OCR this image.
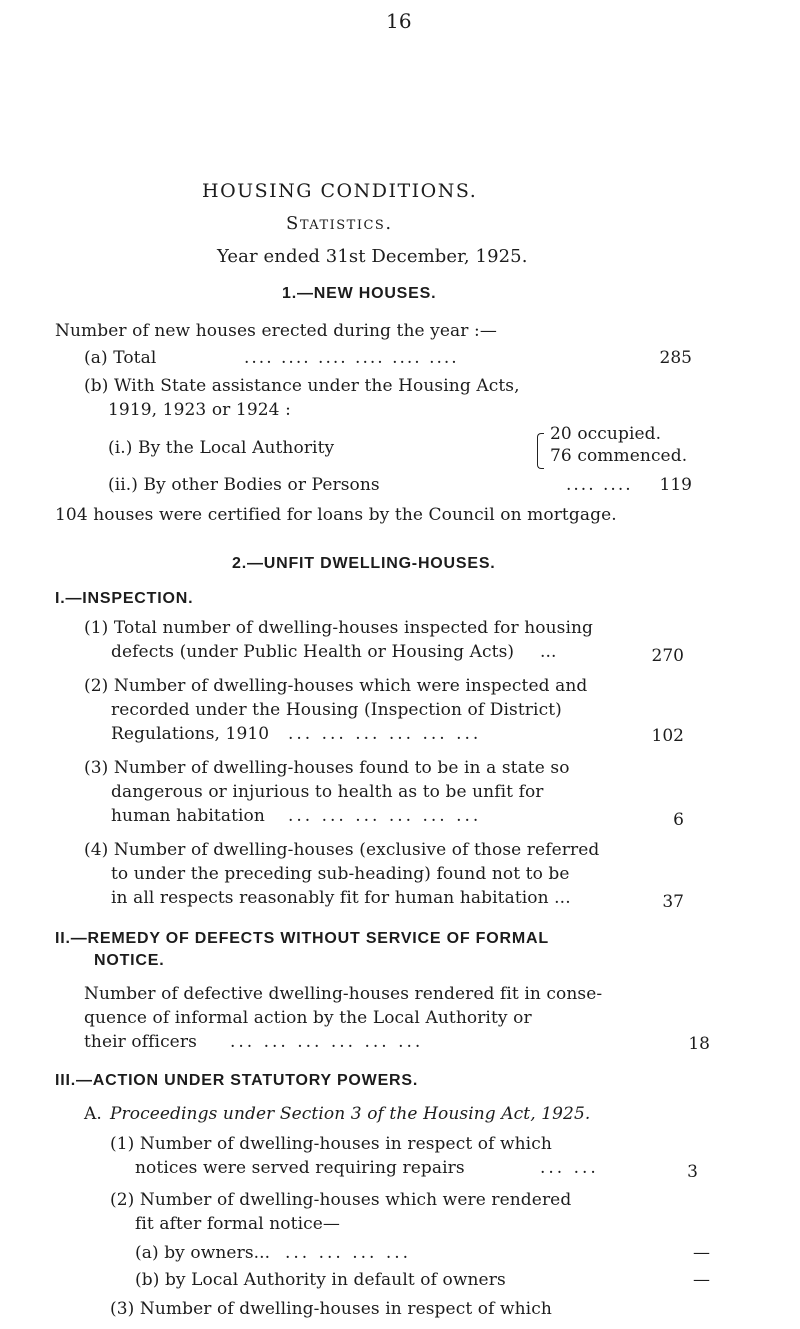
16
HOUSING CONDITIONS.
Statistics.
Year ended 31st December, 1925.
1.—NEW HOUSES.
Number of new houses erected during the year :—
(a) Total	.... .... .... .... .... ....	285
(b) With State assistance under the Housing Acts,
1919, 1923 or 1924 :
(i.) By the Local Authority
20 occupied.
76 commenced.
(ii.) By other Bodies or Persons	.... ....	119
104 houses were certified for loans by the Council on mortgage.
2.—UNFIT DWELLING-HOUSES.
I.—INSPECTION.
(1) Total number of dwelling-houses inspected for housing
defects (under Public Health or Housing Acts) ...	270
(2) Number of dwelling-houses which were inspected and
recorded under the Housing (Inspection of District)
Regulations, 1910 ... ... ... ... ... ...	102
(3) Number of dwelling-houses found to be in a state so
dangerous or injurious to health as to be unfit for
human habitation ... ... ... ... ... ...	6
(4) Number of dwelling-houses (exclusive of those referred
to under the preceding sub-heading) found not to be
in all respects reasonably fit for human habitation ...	37
II.—REMEDY OF DEFECTS WITHOUT SERVICE OF FORMAL
NOTICE.
Number of defective dwelling-houses rendered fit in conse-
quence of informal action by the Local Authority or
their officers ... ... ... ... ... ...	18
III.—ACTION UNDER STATUTORY POWERS.
A. Proceedings under Section 3 of the Housing Act, 1925.
(1) Number of dwelling-houses in respect of which
notices were served requiring repairs	... ...	3
(2) Number of dwelling-houses which were rendered
fit after formal notice—
(a) by owners... ... ... ... ...	—
(b) by Local Authority in default of owners	—
(3) Number of dwelling-houses in respect of which
